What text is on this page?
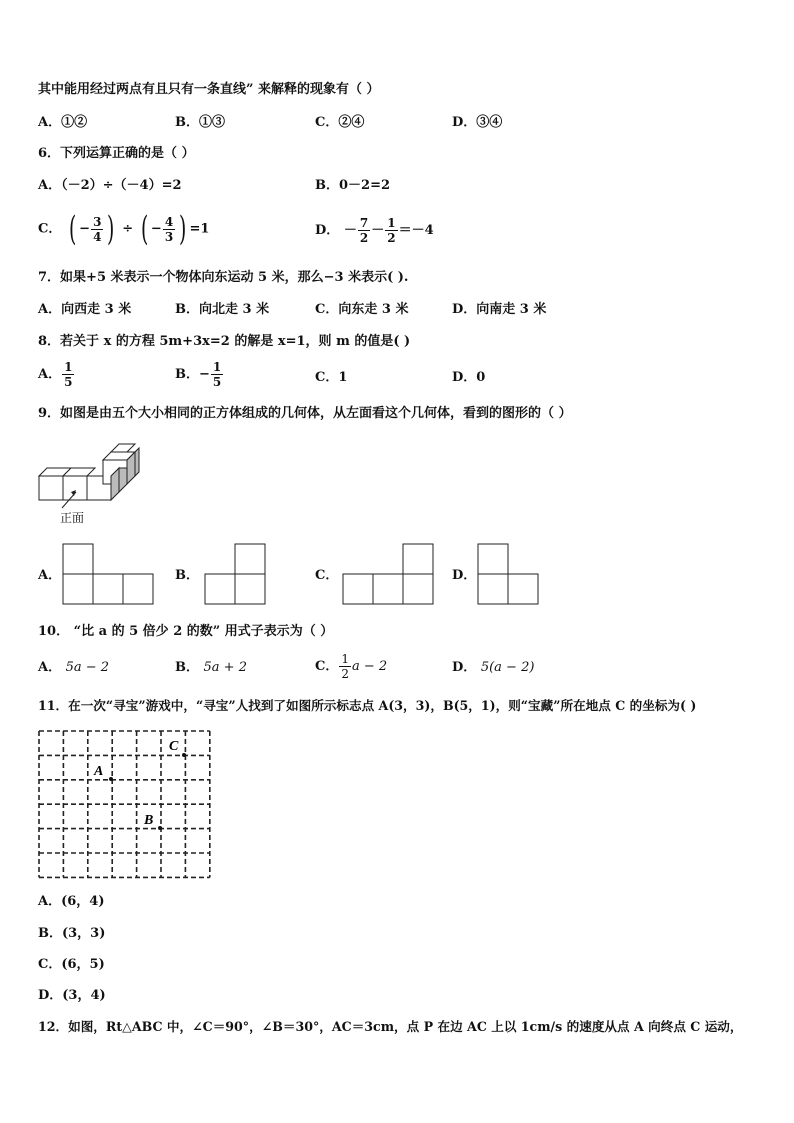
其中能用经过两点有且只有一条直线” 来解释的现象有（ ）
A．①②	B．①③	C．②④	D．③④
6．下列运算正确的是（ ）
A．（－2）÷（－4）=2	B．0－2=2
C． ( − $\frac{3}{4}$ ) ÷ ( − $\frac{4}{3}$ ) =1	D． － $\frac{7}{2} - \frac{1}{2} =-4$
7．如果+5 米表示一个物体向东运动 5 米，那么−3 米表示( ).
A．向西走 3 米	B．向北走 3 米	C．向东走 3 米	D．向南走 3 米
8．若关于 x 的方程 5m+3x=2 的解是 x=1，则 m 的值是( )
A． $\frac{1}{5}$	B．− $\frac{1}{5}$	C．1	D．0
9．如图是由五个大小相同的正方体组成的几何体，从左面看这个几何体，看到的图形的（ ）
正面
A．	B．	C．	D．
10． “比 a 的 5 倍少 2 的数” 用式子表示为（ ）
A． 5a − 2	B． 5a + 2	C． $\frac{1}{2}$ a − 2	D． 5(a − 2)
11．在一次“寻宝”游戏中，“寻宝”人找到了如图所示标志点 A(3，3)，B(5，1)，则“宝藏”所在地点 C 的坐标为( )
A
B
C
A．(6，4)
B．(3，3)
C．(6，5)
D．(3，4)
12．如图，Rt△ABC 中，∠C＝90°，∠B＝30°，AC＝3cm，点 P 在边 AC 上以 1cm/s 的速度从点 A 向终点 C 运动，
